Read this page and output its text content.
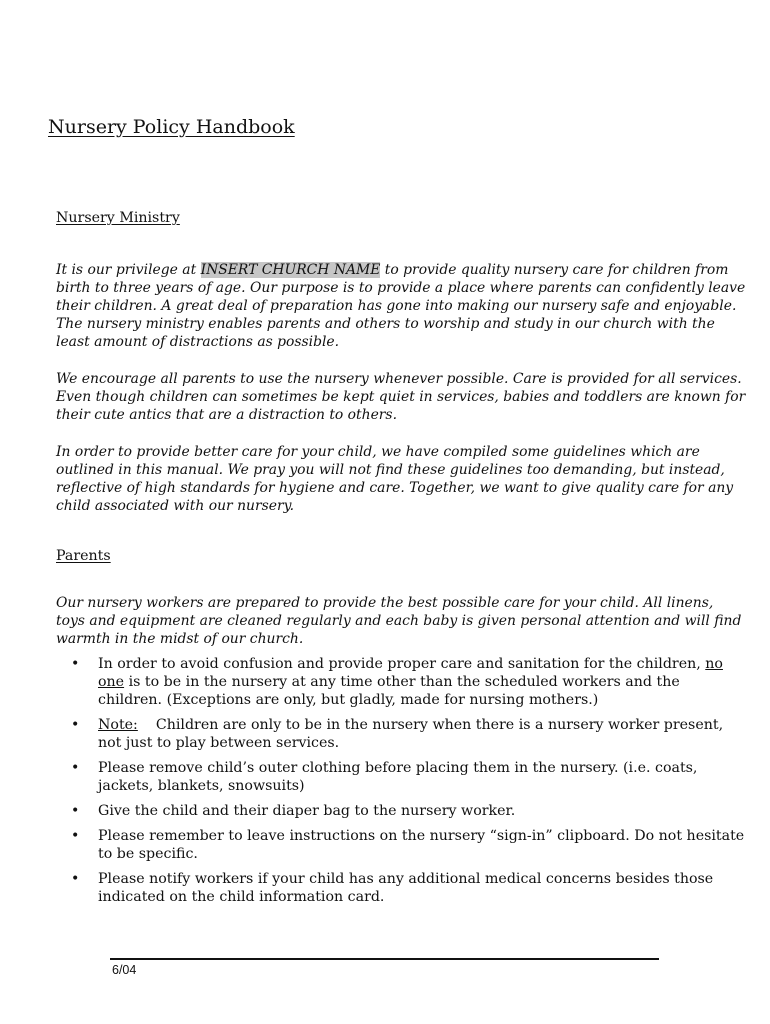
Nursery Policy Handbook
Nursery Ministry

It is our privilege at INSERT CHURCH NAME to provide quality nursery care for children from birth to three years of age. Our purpose is to provide a place where parents can confidently leave their children. A great deal of preparation has gone into making our nursery safe and enjoyable. The nursery ministry enables parents and others to worship and study in our church with the least amount of distractions as possible.

We encourage all parents to use the nursery whenever possible. Care is provided for all services. Even though children can sometimes be kept quiet in services, babies and toddlers are known for their cute antics that are a distraction to others.

In order to provide better care for your child, we have compiled some guidelines which are outlined in this manual. We pray you will not find these guidelines too demanding, but instead, reflective of high standards for hygiene and care. Together, we want to give quality care for any child associated with our nursery.

Parents

Our nursery workers are prepared to provide the best possible care for your child. All linens, toys and equipment are cleaned regularly and each baby is given personal attention and will find warmth in the midst of our church.

• In order to avoid confusion and provide proper care and sanitation for the children, no one is to be in the nursery at any time other than the scheduled workers and the children. (Exceptions are only, but gladly, made for nursing mothers.)
• Note:    Children are only to be in the nursery when there is a nursery worker present, not just to play between services.
• Please remove child’s outer clothing before placing them in the nursery. (i.e. coats, jackets, blankets, snowsuits)
• Give the child and their diaper bag to the nursery worker.
• Please remember to leave instructions on the nursery “sign-in” clipboard. Do not hesitate to be specific.
• Please notify workers if your child has any additional medical concerns besides those indicated on the child information card.
6/04
